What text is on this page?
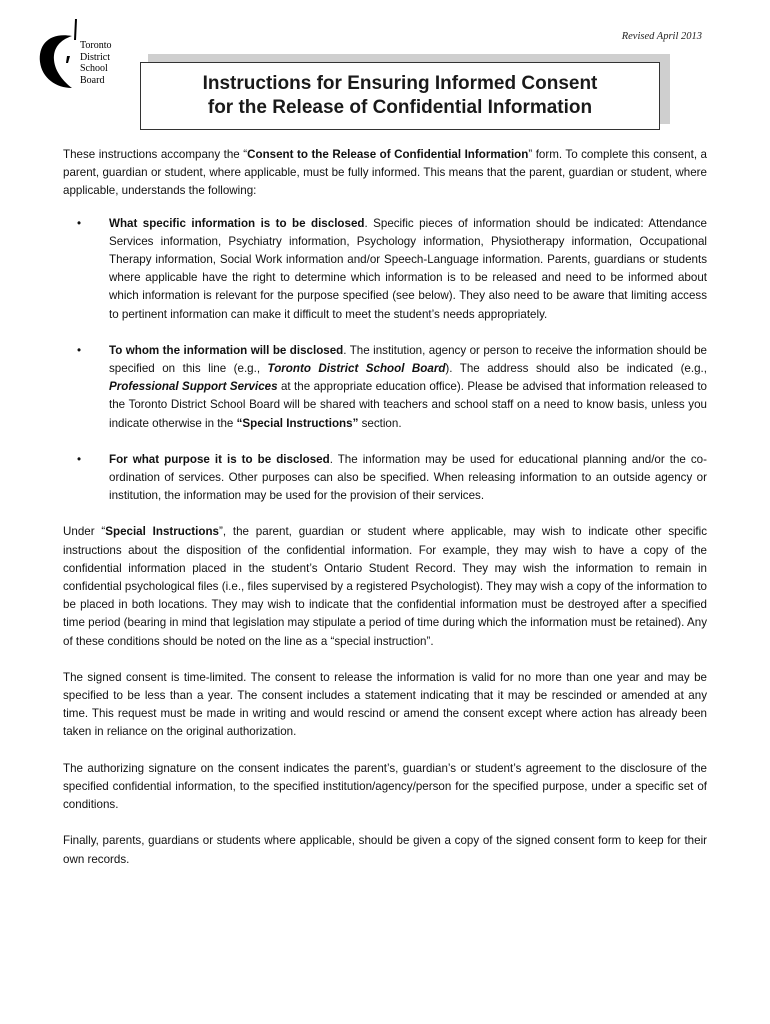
Toronto
District
School
Board
Revised April 2013
Instructions for Ensuring Informed Consent
for the Release of Confidential Information

These instructions accompany the “Consent to the Release of Confidential Information” form. To complete this consent, a parent, guardian or student, where applicable, must be fully informed. This means that the parent, guardian or student, where applicable, understands the following:

• What specific information is to be disclosed. Specific pieces of information should be indicated: Attendance Services information, Psychiatry information, Psychology information, Physiotherapy information, Occupational Therapy information, Social Work information and/or Speech-Language information. Parents, guardians or students where applicable have the right to determine which information is to be released and need to be informed about which information is relevant for the purpose specified (see below). They also need to be aware that limiting access to pertinent information can make it difficult to meet the student’s needs appropriately.
• To whom the information will be disclosed. The institution, agency or person to receive the information should be specified on this line (e.g., Toronto District School Board). The address should also be indicated (e.g., Professional Support Services at the appropriate education office). Please be advised that information released to the Toronto District School Board will be shared with teachers and school staff on a need to know basis, unless you indicate otherwise in the “Special Instructions” section.
• For what purpose it is to be disclosed. The information may be used for educational planning and/or the co-ordination of services. Other purposes can also be specified. When releasing information to an outside agency or institution, the information may be used for the provision of their services.

Under “Special Instructions”, the parent, guardian or student where applicable, may wish to indicate other specific instructions about the disposition of the confidential information. For example, they may wish to have a copy of the confidential information placed in the student’s Ontario Student Record. They may wish the information to remain in confidential psychological files (i.e., files supervised by a registered Psychologist). They may wish a copy of the information to be placed in both locations. They may wish to indicate that the confidential information must be destroyed after a specified time period (bearing in mind that legislation may stipulate a period of time during which the information must be retained). Any of these conditions should be noted on the line as a “special instruction”.

The signed consent is time-limited. The consent to release the information is valid for no more than one year and may be specified to be less than a year. The consent includes a statement indicating that it may be rescinded or amended at any time. This request must be made in writing and would rescind or amend the consent except where action has already been taken in reliance on the original authorization.

The authorizing signature on the consent indicates the parent’s, guardian’s or student’s agreement to the disclosure of the specified confidential information, to the specified institution/agency/person for the specified purpose, under a specific set of conditions.

Finally, parents, guardians or students where applicable, should be given a copy of the signed consent form to keep for their own records.
